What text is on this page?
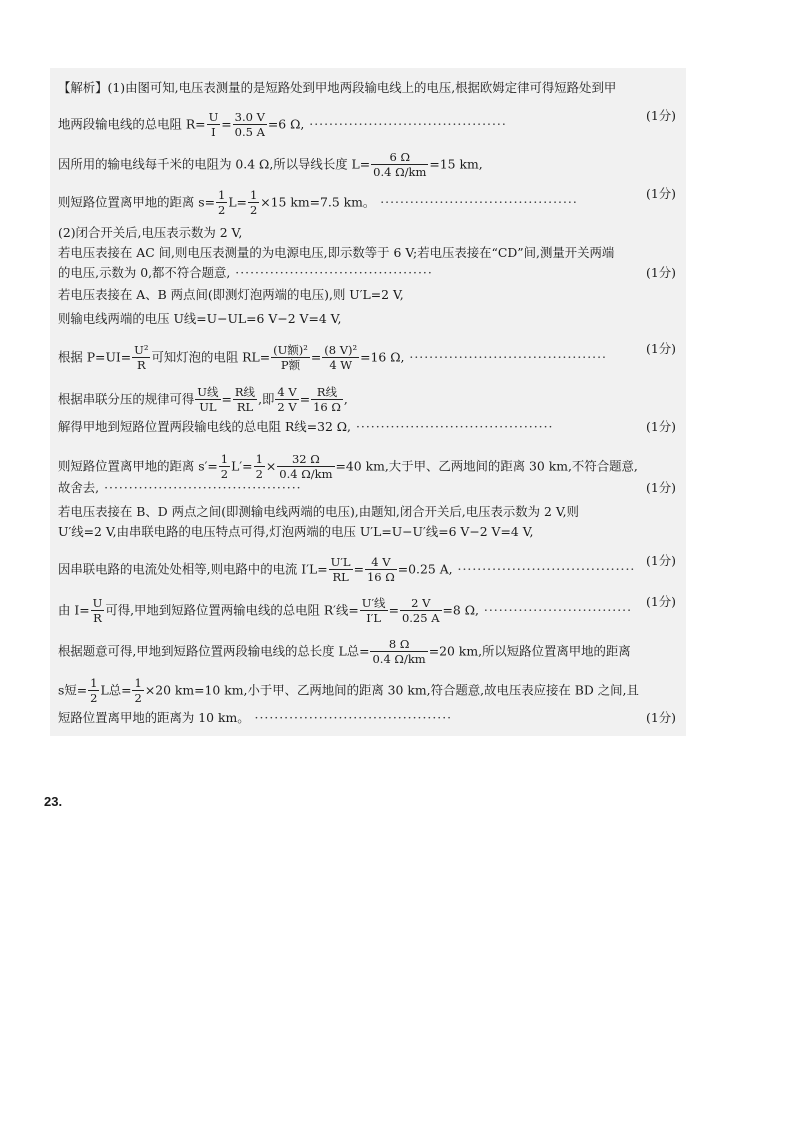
【解析】(1)由图可知,电压表测量的是短路处到甲地两段输电线上的电压,根据欧姆定律可得短路处到甲
(1分)
地两段输电线的总电阻 $R= \frac{U}{I} = \frac{3.0 V}{0.5 A} =6$ Ω, ········································
因所用的输电线每千米的电阻为 0.4 Ω,所以导线长度 $L= \frac{6 \Omega}{0.4 \Omega/km} =15$ km,
(1分)
则短路位置离甲地的距离 $s= \frac{1}{2} L= \frac{1}{2} \times 15$ km=7.5 km。 ········································
(2)闭合开关后,电压表示数为 2 V,
若电压表接在 AC 间,则电压表测量的为电源电压,即示数等于 6 V;若电压表接在“CD”间,测量开关两端
(1分)
的电压,示数为 0,都不符合题意, ········································
若电压表接在 A、B 两点间(即测灯泡两端的电压),则 U′L=2 V,
则输电线两端的电压 U线=U−UL=6 V−2 V=4 V,
(1分)
根据 $P=UI= \frac{\text{U²}}{R}$ 可知灯泡的电阻 RL= (U额)²
P额
= $\frac{\text{(8 V)²}}{4 W} =16$ Ω, ········································
根据串联分压的规律可得 U线
UL
= R线
RL
,即 $\frac{4 V}{2 V} = R$线
16 Ω
,
(1分)
解得甲地到短路位置两段输电线的总电阻 R线=32 Ω, ········································
则短路位置离甲地的距离 $s'= \frac{1}{2} L'= \frac{1}{2} \times \frac{32 \Omega}{0.4 \Omega/km} =40$ km,大于甲、乙两地间的距离 30 km,不符合题意,
(1分)
故舍去, ········································
若电压表接在 B、D 两点之间(即测输电线两端的电压),由题知,闭合开关后,电压表示数为 2 V,则
U′线=2 V,由串联电路的电压特点可得,灯泡两端的电压 U′L=U−U′线=6 V−2 V=4 V,
(1分)
因串联电路的电流处处相等,则电路中的电流 $I'L= \frac{U'L}{RL} = \frac{4 V}{16 \Omega} =0.25$ A, ····································
(1分)
由 $I= \frac{U}{R}$ 可得,甲地到短路位置两输电线的总电阻 R′线= U′线
I′L
= $\frac{2 V}{0.25 A} =8$ Ω, ······························
根据题意可得,甲地到短路位置两段输电线的总长度 L总= $\frac{8 \Omega}{0.4 \Omega/km} =20$ km,所以短路位置离甲地的距离
s短= $\frac{1}{2}$ L总= $\frac{1}{2} \times 20$ km=10 km,小于甲、乙两地间的距离 30 km,符合题意,故电压表应接在 BD 之间,且
(1分)
短路位置离甲地的距离为 10 km。 ········································
23.
